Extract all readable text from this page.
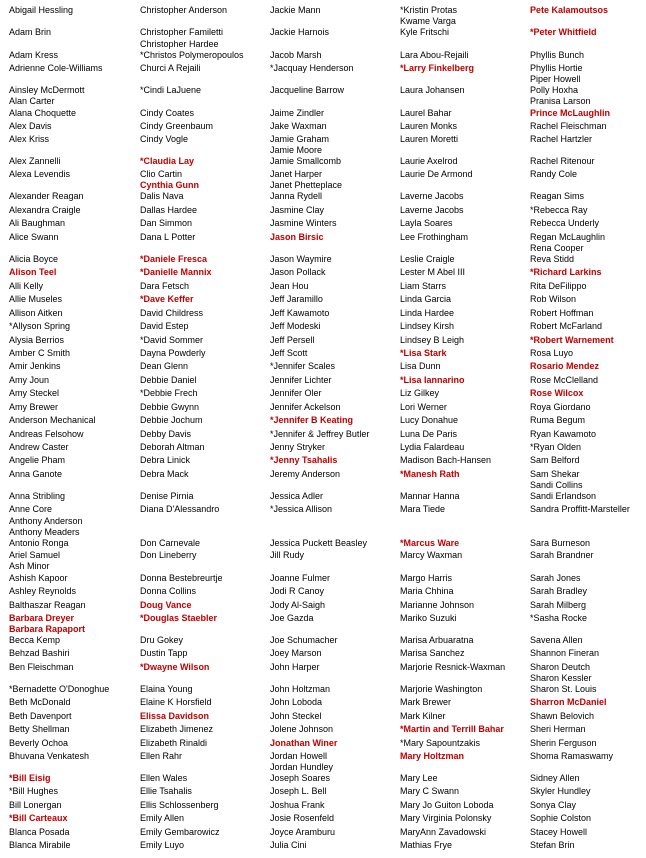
Abigail Hessling
Adam Brin
Adam Kress
Adrienne Cole-Williams
Ainsley McDermott
Alan Carter
Alana Choquette
Alex Davis
Alex Kriss
Alex Zannelli
Alexa Levendis
Alexander Reagan
Alexandra Craigle
Ali Baughman
Alice Swann
Alicia Boyce
Alison Teel
Alli Kelly
Allie Museles
Allison Aitken
*Allyson Spring
Alysia Berrios
Amber C Smith
Amir Jenkins
Amy Joun
Amy Steckel
Amy Brewer
Anderson Mechanical
Andreas Felsohow
Andrew Caster
Angelie Pham
Anna Ganote
Anna Stribling
Anne Core
Anthony Anderson
Anthony Meaders
Antonio Ronga
Ariel Samuel
Ash Minor
Ashish Kapoor
Ashley Reynolds
Balthaszar Reagan
Barbara Dreyer
Barbara Rapaport
Becca Kemp
Behzad Bashiri
Ben Fleischman
*Bernadette O'Donoghue
Beth McDonald
Beth Davenport
Betty Shellman
Beverly Ochoa
Bhuvana Venkatesh
*Bill Eisig
*Bill Hughes
Bill Lonergan
*Bill Carteaux
Blanca Posada
Blanca Mirabile
Christopher Anderson
Christopher Familetti
Christopher Hardee
*Christos Polymeropoulos
Churci A Rejaili
*Cindi LaJuene
Cindy Coates
Cindy Greenbaum
Cindy Vogle
*Claudia Lay
Clio Cartin
Cynthia Gunn
Dalis Nava
Dallas Hardee
Dan Simmon
Dana L Potter
*Daniele Fresca
*Danielle Mannix
Dara Fetsch
*Dave Keffer
David Childress
David Estep
*David Sommer
Dayna Powderly
Dean Glenn
Debbie Daniel
*Debbie Frech
Debbie Gwynn
Debbie Jochum
Debby Davis
Deborah Altman
Debra Linick
Debra Mack
Denise Pirnia
Diana D'Alessandro
Don Carnevale
Don Lineberry
Donna Bestebreurtje
Donna Collins
Doug Vance
*Douglas Staebler
Dru Gokey
Dustin Tapp
*Dwayne Wilson
Elaina Young
Elaine K Horsfield
Elissa Davidson
Elizabeth Jimenez
Elizabeth Rinaldi
Ellen Rahr
Ellen Wales
Ellie Tsahalis
Ellis Schlossenberg
Emily Allen
Emily Gembarowicz
Emily Luyo
Jackie Mann
Jackie Harnois
Jacob Marsh
*Jacquay Henderson
Jacqueline Barrow
Jaime Zindler
Jake Waxman
Jamie Graham
Jamie Moore
Jamie Smallcomb
Janet Harper
Janet Phetteplace
Janna Rydell
Jasmine Clay
Jasmine Winters
Jason Birsic
Jason Waymire
Jason Pollack
Jean Hou
Jeff Jaramillo
Jeff Kawamoto
Jeff Modeski
Jeff Persell
Jeff Scott
*Jennifer Scales
Jennifer Lichter
Jennifer Oler
Jennifer Ackelson
*Jennifer B Keating
*Jennifer & Jeffrey Butler
Jenny Stryker
*Jenny Tsahalis
Jeremy Anderson
Jessica Adler
*Jessica Allison
Jessica Puckett Beasley
Jill Rudy
Joanne Fulmer
Jodi R Canoy
Jody Al-Saigh
Joe Gazda
Joe Schumacher
Joey Marson
John Harper
John Holtzman
John Loboda
John Steckel
Jolene Johnson
Jonathan Winer
Jordan Howell
Jordan Hundley
Joseph Soares
Joseph L. Bell
Joshua Frank
Josie Rosenfeld
Joyce Aramburu
Julia Cini
*Kristin Protas
Kwame Varga
Kyle Fritschi
Lara Abou-Rejaili
*Larry Finkelberg
Laura Johansen
Laurel Bahar
Lauren Monks
Lauren Moretti
Laurie Axelrod
Laurie De Armond
Laverne Jacobs
Laverne Jacobs
Layla Soares
Lee Frothingham
Leslie Craigle
Lester M Abel III
Liam Starrs
Linda Garcia
Linda Hardee
Lindsey Kirsh
Lindsey B Leigh
*Lisa Stark
Lisa Dunn
*Lisa Iannarino
Liz Gilkey
Lori Werner
Lucy Donahue
Luna De Paris
Lydia Falardeau
Madison Bach-Hansen
*Manesh Rath
Mannar Hanna
Mara Tiede
*Marcus Ware
Marcy Waxman
Margo Harris
Maria Chhina
Marianne Johnson
Mariko Suzuki
Marisa Arbuaratna
Marisa Sanchez
Marjorie Resnick-Waxman
Marjorie Washington
Mark Brewer
Mark Kilner
*Martin and Terrill Bahar
*Mary Sapountzakis
Mary Holtzman
Mary Lee
Mary C Swann
Mary Jo Guiton Loboda
Mary Virginia Polonsky
MaryAnn Zavadowski
Mathias Frye
Pete Kalamoutsos
*Peter Whitfield
Phyllis Bunch
Phyllis Hortie
Piper Howell
Polly Hoxha
Pranisa Larson
Prince McLaughlin
Rachel Fleischman
Rachel Hartzler
Rachel Ritenour
Randy Cole
Reagan Sims
*Rebecca Ray
Rebecca Underly
Regan McLaughlin
Rena Cooper
Reva Stidd
*Richard Larkins
Rita DeFilippo
Rob Wilson
Robert Hoffman
Robert McFarland
*Robert Warnement
Rosa Luyo
Rosario Mendez
Rose McClelland
Rose Wilcox
Roya Giordano
Ruma Begum
Ryan Kawamoto
*Ryan Olden
Sam Belford
Sam Shekar
Sandi Collins
Sandi Erlandson
Sandra Proffitt-Marsteller
Sara Burneson
Sarah Brandner
Sarah Jones
Sarah Bradley
Sarah Milberg
*Sasha Rocke
Savena Allen
Shannon Fineran
Sharon Deutch
Sharon Kessler
Sharon St. Louis
Sharron McDaniel
Shawn Belovich
Sheri Herman
Sherin Ferguson
Shoma Ramaswamy
Sidney Allen
Skyler Hundley
Sonya Clay
Sophie Colston
Stacey Howell
Stefan Brin
